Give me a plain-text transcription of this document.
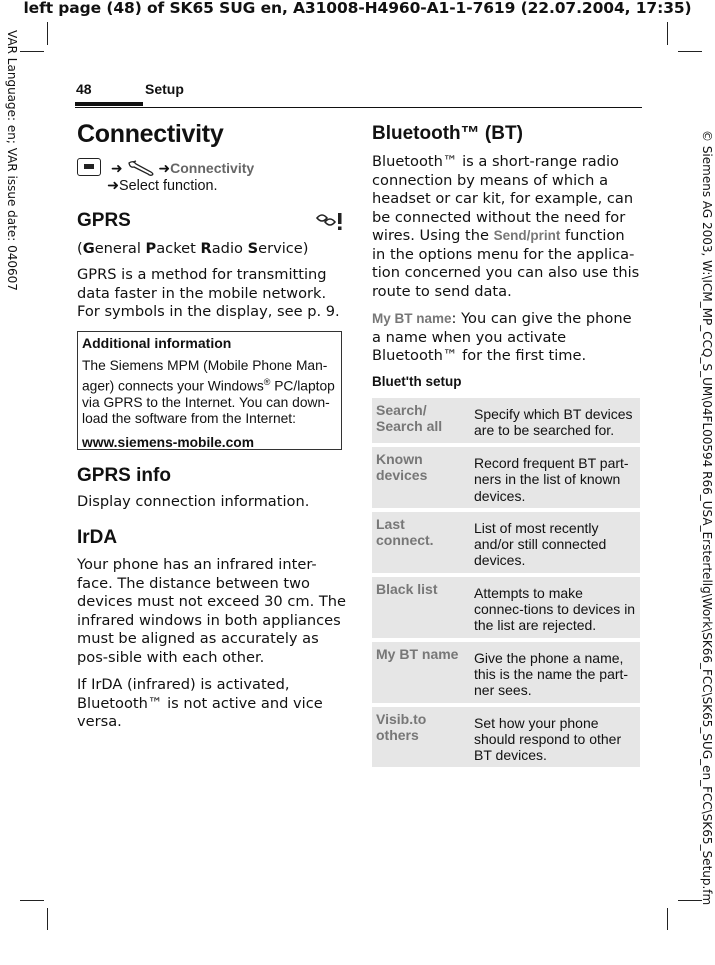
left page (48) of SK65 SUG en, A31008-H4960-A1-1-7619 (22.07.2004, 17:35)
VAR Language: en; VAR issue date: 040607	© Siemens AG 2003, W:\ICM_MP_CCQ_S_UM\04FL00594 R66_USA_Erstertellg\Work\SK66_FCC\SK65_SUG_en_FCC\SK65_Setup.fm
48	Setup
Connectivity
➜	➜Connectivity
➜Select function.
GPRS
(General Packet Radio Service)

GPRS is a method for transmitting data faster in the mobile network. For symbols in the display, see p. 9.

Additional information
The Siemens MPM (Mobile Phone Man-ager) connects your Windows® PC/laptop via GPRS to the Internet. You can down-load the software from the Internet:
www.siemens-mobile.com
GPRS info

Display connection information.

IrDA

Your phone has an infrared inter-face. The distance between two devices must not exceed 30 cm. The infrared windows in both appliances must be aligned as accurately as pos-sible with each other.

If IrDA (infrared) is activated, Bluetooth™ is not active and vice versa.

Bluetooth™ (BT)

Bluetooth™ is a short-range radio connection by means of which a headset or car kit, for example, can be connected without the need for wires. Using the Send/print function in the options menu for the applica-tion concerned you can also use this route to send data.

My BT name: You can give the phone a name when you activate Bluetooth™ for the first time.

Bluet'th setup
Search/ Search all	Specify which BT devices are to be searched for.
Known devices	Record frequent BT part-ners in the list of known devices.
Last connect.	List of most recently and/or still connected devices.
Black list	Attempts to make connec-tions to devices in the list are rejected.
My BT name	Give the phone a name, this is the name the part-ner sees.
Visib.to others	Set how your phone should respond to other BT devices.
